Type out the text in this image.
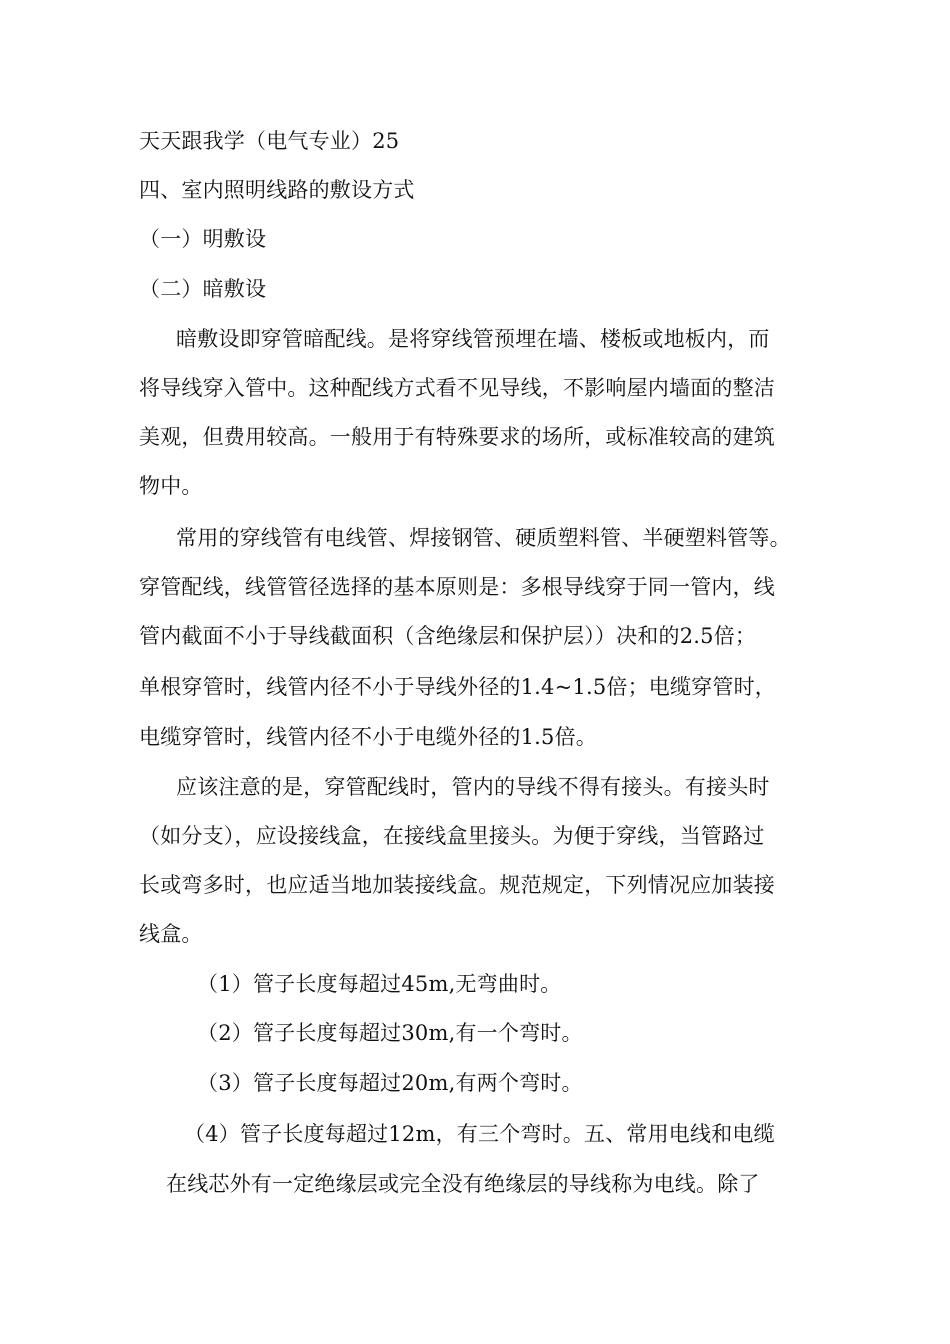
天天跟我学（电气专业）25
四、室内照明线路的敷设方式
（一）明敷设
（二）暗敷设
暗敷设即穿管暗配线。是将穿线管预埋在墙、楼板或地板内，而
将导线穿入管中。这种配线方式看不见导线，不影响屋内墙面的整洁
美观，但费用较高。一般用于有特殊要求的场所，或标准较高的建筑
物中。
常用的穿线管有电线管、焊接钢管、硬质塑料管、半硬塑料管等。
穿管配线，线管管径选择的基本原则是：多根导线穿于同一管内，线
管内截面不小于导线截面积（含绝缘层和保护层））决和的2.5倍；
单根穿管时，线管内径不小于导线外径的1.4~1.5倍；电缆穿管时，
电缆穿管时，线管内径不小于电缆外径的1.5倍。
应该注意的是，穿管配线时，管内的导线不得有接头。有接头时
（如分支），应设接线盒，在接线盒里接头。为便于穿线，当管路过
长或弯多时，也应适当地加装接线盒。规范规定，下列情况应加装接
线盒。
（1）管子长度每超过45m,无弯曲时。
（2）管子长度每超过30m,有一个弯时。
（3）管子长度每超过20m,有两个弯时。
（4）管子长度每超过12m，有三个弯时。五、常用电线和电缆
在线芯外有一定绝缘层或完全没有绝缘层的导线称为电线。除了
